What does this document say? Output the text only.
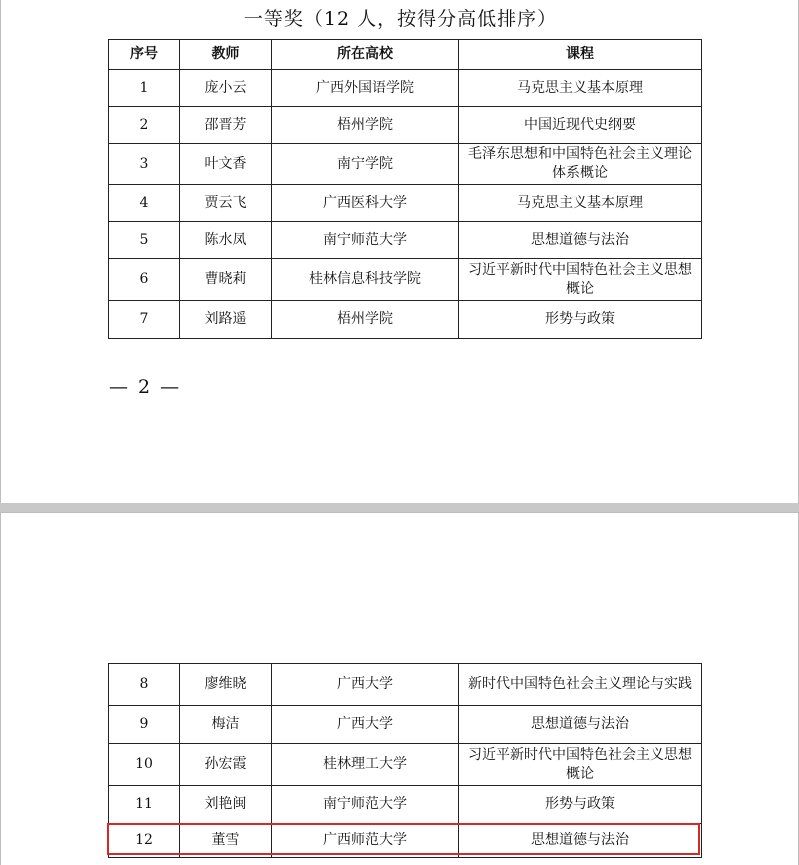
一等奖（12 人，按得分高低排序）
序号	教师	所在高校	课程
1	庞小云	广西外国语学院	马克思主义基本原理
2	邵晋芳	梧州学院	中国近现代史纲要
3	叶文香	南宁学院	毛泽东思想和中国特色社会主义理论体系概论
4	贾云飞	广西医科大学	马克思主义基本原理
5	陈水凤	南宁师范大学	思想道德与法治
6	曹晓莉	桂林信息科技学院	习近平新时代中国特色社会主义思想概论
7	刘路遥	梧州学院	形势与政策
— 2 —
8	廖维晓	广西大学	新时代中国特色社会主义理论与实践
9	梅洁	广西大学	思想道德与法治
10	孙宏霞	桂林理工大学	习近平新时代中国特色社会主义思想概论
11	刘艳闽	南宁师范大学	形势与政策
12	董雪	广西师范大学	思想道德与法治
